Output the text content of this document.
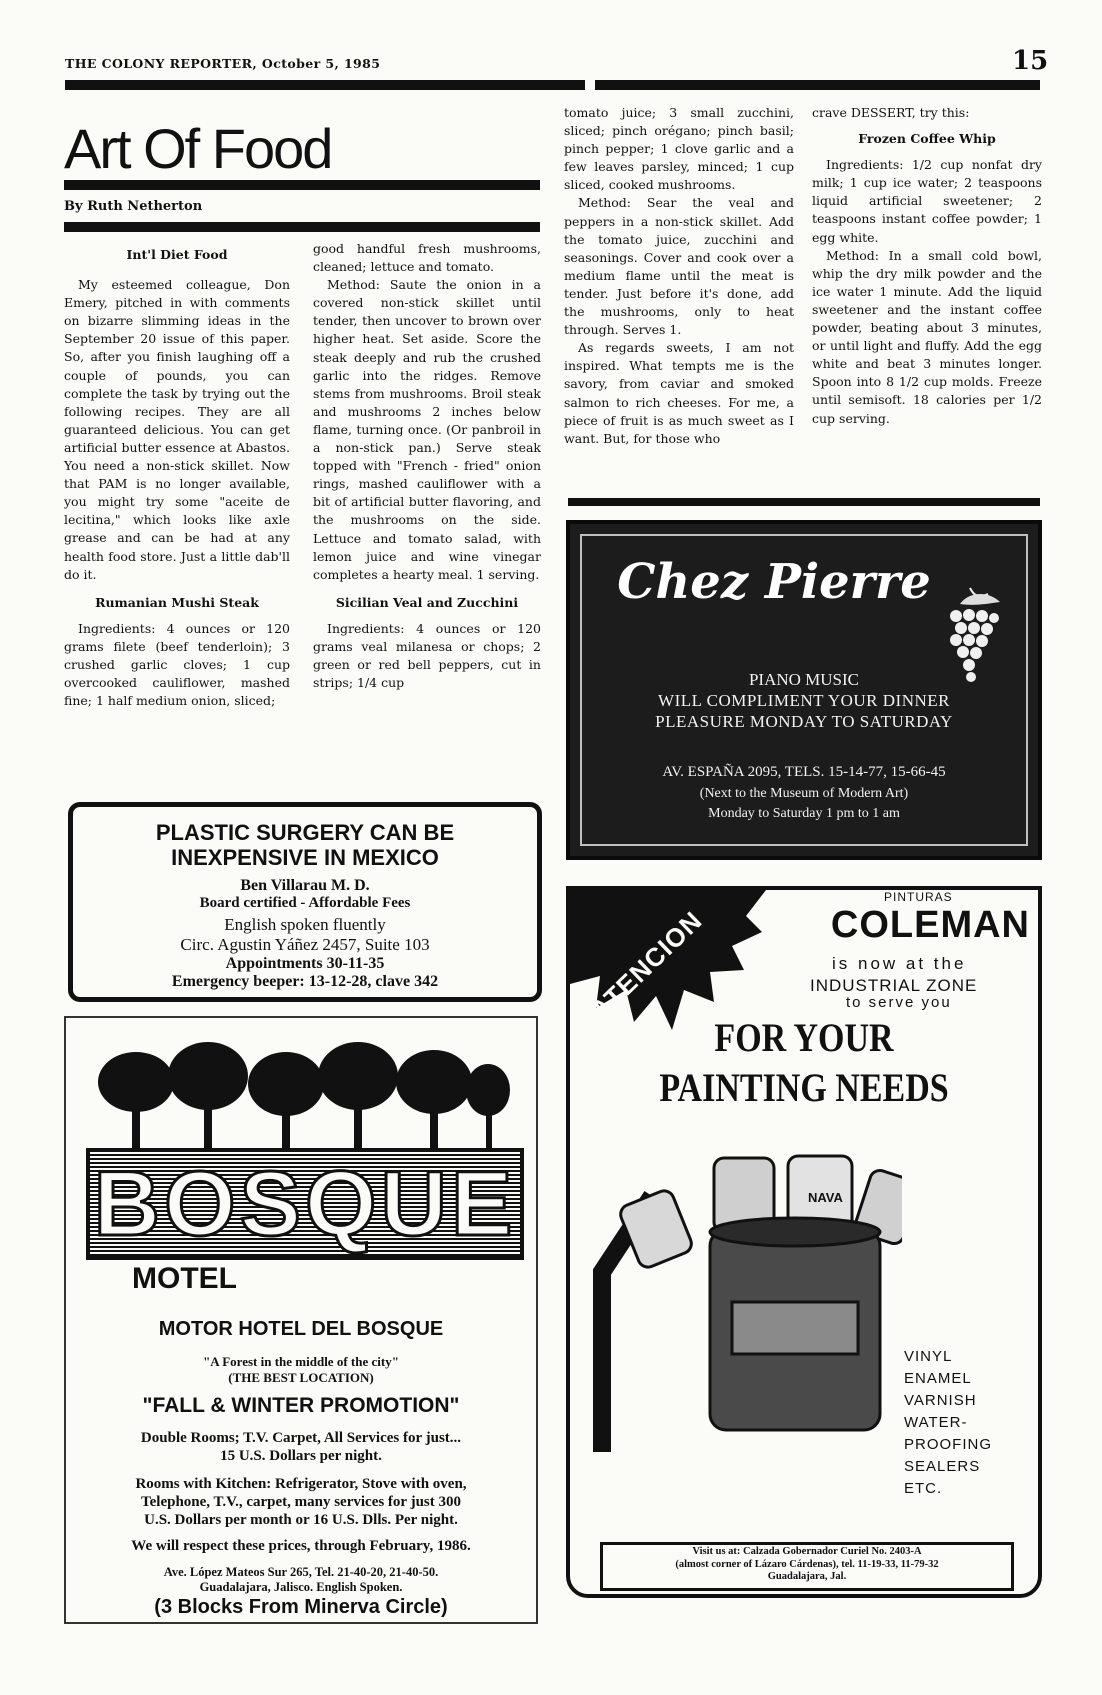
THE COLONY REPORTER, October 5, 1985	15
Art Of Food
By Ruth Netherton
Int'l Diet Food

My esteemed colleague, Don Emery, pitched in with comments on bizarre slimming ideas in the September 20 issue of this paper. So, after you finish laughing off a couple of pounds, you can complete the task by trying out the following recipes. They are all guaranteed delicious. You can get artificial butter essence at Abastos. You need a non-stick skillet. Now that PAM is no longer available, you might try some "aceite de lecitina," which looks like axle grease and can be had at any health food store. Just a little dab'll do it.

Rumanian Mushi Steak

Ingredients: 4 ounces or 120 grams filete (beef tenderloin); 3 crushed garlic cloves; 1 cup overcooked cauliflower, mashed fine; 1 half medium onion, sliced;

good handful fresh mushrooms, cleaned; lettuce and tomato.

Method: Saute the onion in a covered non-stick skillet until tender, then uncover to brown over higher heat. Set aside. Score the steak deeply and rub the crushed garlic into the ridges. Remove stems from mushrooms. Broil steak and mushrooms 2 inches below flame, turning once. (Or panbroil in a non-stick pan.) Serve steak topped with "French - fried" onion rings, mashed cauliflower with a bit of artificial butter flavoring, and the mushrooms on the side. Lettuce and tomato salad, with lemon juice and wine vinegar completes a hearty meal. 1 serving.

Sicilian Veal and Zucchini

Ingredients: 4 ounces or 120 grams veal milanesa or chops; 2 green or red bell peppers, cut in strips; 1/4 cup

tomato juice; 3 small zucchini, sliced; pinch orégano; pinch basil; pinch pepper; 1 clove garlic and a few leaves parsley, minced; 1 cup sliced, cooked mushrooms.

Method: Sear the veal and peppers in a non-stick skillet. Add the tomato juice, zucchini and seasonings. Cover and cook over a medium flame until the meat is tender. Just before it's done, add the mushrooms, only to heat through. Serves 1.

As regards sweets, I am not inspired. What tempts me is the savory, from caviar and smoked salmon to rich cheeses. For me, a piece of fruit is as much sweet as I want. But, for those who

crave DESSERT, try this:

Frozen Coffee Whip

Ingredients: 1/2 cup nonfat dry milk; 1 cup ice water; 2 teaspoons liquid artificial sweetener; 2 teaspoons instant coffee powder; 1 egg white.

Method: In a small cold bowl, whip the dry milk powder and the ice water 1 minute. Add the liquid sweetener and the instant coffee powder, beating about 3 minutes, or until light and fluffy. Add the egg white and beat 3 minutes longer. Spoon into 8 1/2 cup molds. Freeze until semisoft. 18 calories per 1/2 cup serving.

Chez Pierre
PIANO MUSIC
WILL COMPLIMENT YOUR DINNER
PLEASURE MONDAY TO SATURDAY
AV. ESPAÑA 2095, TELS. 15-14-77, 15-66-45
(Next to the Museum of Modern Art)
Monday to Saturday 1 pm to 1 am
PLASTIC SURGERY CAN BE
INEXPENSIVE IN MEXICO
Ben Villarau M. D.
Board certified - Affordable Fees
English spoken fluently
Circ. Agustin Yáñez 2457, Suite 103
Appointments 30-11-35
Emergency beeper: 13-12-28, clave 342
BOSQUE
MOTEL
MOTOR HOTEL DEL BOSQUE
"A Forest in the middle of the city"
(THE BEST LOCATION)
"FALL & WINTER PROMOTION"
Double Rooms; T.V. Carpet, All Services for just...
15 U.S. Dollars per night.
Rooms with Kitchen: Refrigerator, Stove with oven,
Telephone, T.V., carpet, many services for just 300
U.S. Dollars per month or 16 U.S. Dlls. Per night.
We will respect these prices, through February, 1986.
Ave. López Mateos Sur 265, Tel. 21-40-20, 21-40-50.
Guadalajara, Jalisco. English Spoken.
(3 Blocks From Minerva Circle)
ATENCION
PINTURAS
COLEMAN
is now at the
INDUSTRIAL ZONE
to serve you
FOR YOUR
PAINTING NEEDS
NAVA
VINYL
ENAMEL
VARNISH
WATER-
PROOFING
SEALERS
ETC.
Visit us at: Calzada Gobernador Curiel No. 2403-A
(almost corner of Lázaro Cárdenas), tel. 11-19-33, 11-79-32
Guadalajara, Jal.
